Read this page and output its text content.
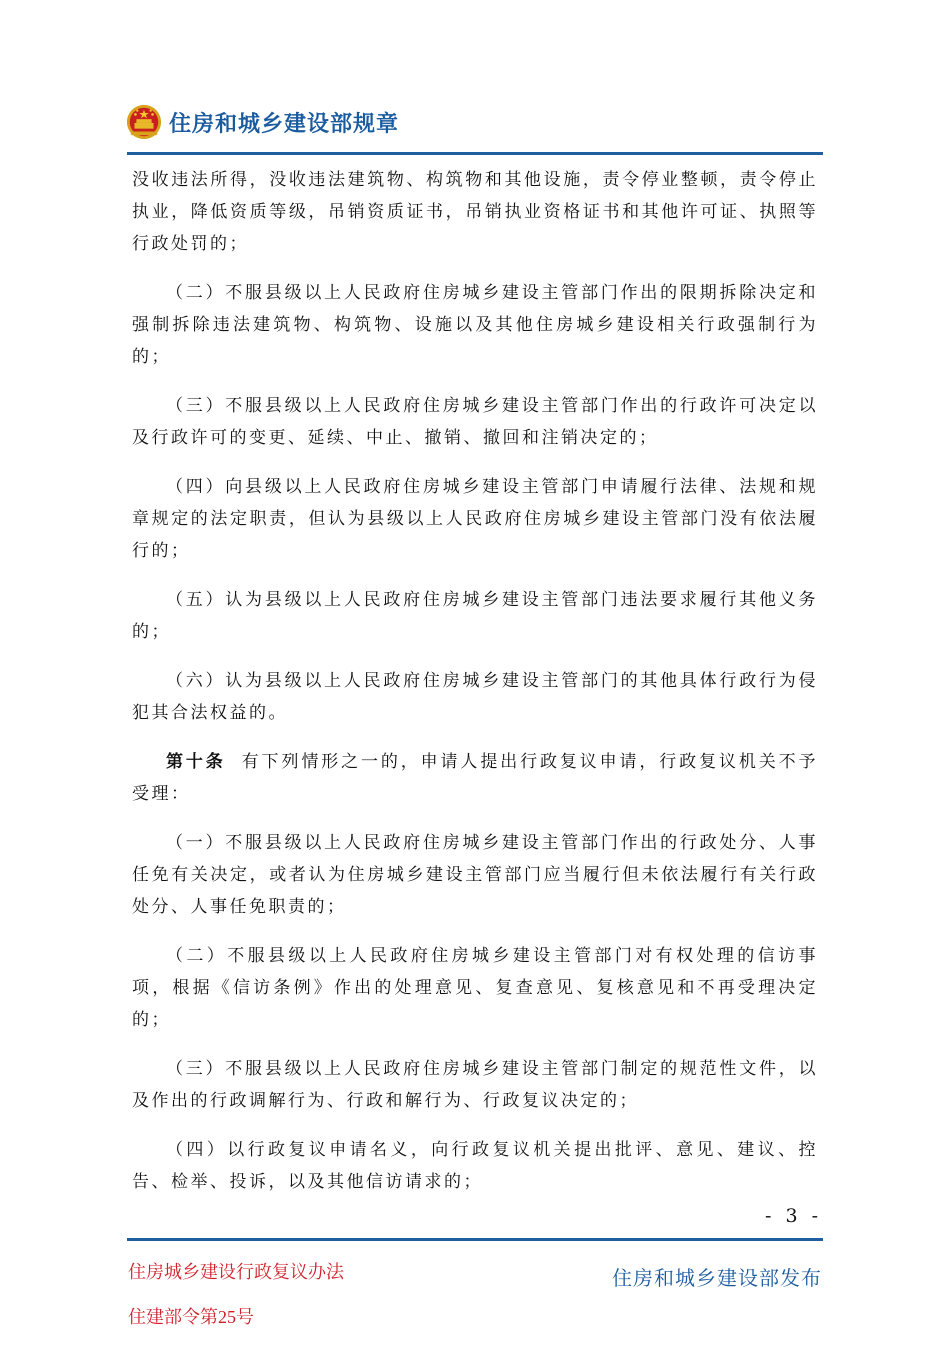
住房和城乡建设部规章

没收违法所得，没收违法建筑物、构筑物和其他设施，责令停业整顿，责令停止执业，降低资质等级，吊销资质证书，吊销执业资格证书和其他许可证、执照等行政处罚的；

（二）不服县级以上人民政府住房城乡建设主管部门作出的限期拆除决定和强制拆除违法建筑物、构筑物、设施以及其他住房城乡建设相关行政强制行为的；

（三）不服县级以上人民政府住房城乡建设主管部门作出的行政许可决定以及行政许可的变更、延续、中止、撤销、撤回和注销决定的；

（四）向县级以上人民政府住房城乡建设主管部门申请履行法律、法规和规章规定的法定职责，但认为县级以上人民政府住房城乡建设主管部门没有依法履行的；

（五）认为县级以上人民政府住房城乡建设主管部门违法要求履行其他义务的；

（六）认为县级以上人民政府住房城乡建设主管部门的其他具体行政行为侵犯其合法权益的。

第十条 有下列情形之一的，申请人提出行政复议申请，行政复议机关不予受理：

（一）不服县级以上人民政府住房城乡建设主管部门作出的行政处分、人事任免有关决定，或者认为住房城乡建设主管部门应当履行但未依法履行有关行政处分、人事任免职责的；

（二）不服县级以上人民政府住房城乡建设主管部门对有权处理的信访事项，根据《信访条例》作出的处理意见、复查意见、复核意见和不再受理决定的；

（三）不服县级以上人民政府住房城乡建设主管部门制定的规范性文件，以及作出的行政调解行为、行政和解行为、行政复议决定的；

（四）以行政复议申请名义，向行政复议机关提出批评、意见、建议、控告、检举、投诉，以及其他信访请求的；

- 3 -
住房城乡建设行政复议办法
住建部令第25号
住房和城乡建设部发布
